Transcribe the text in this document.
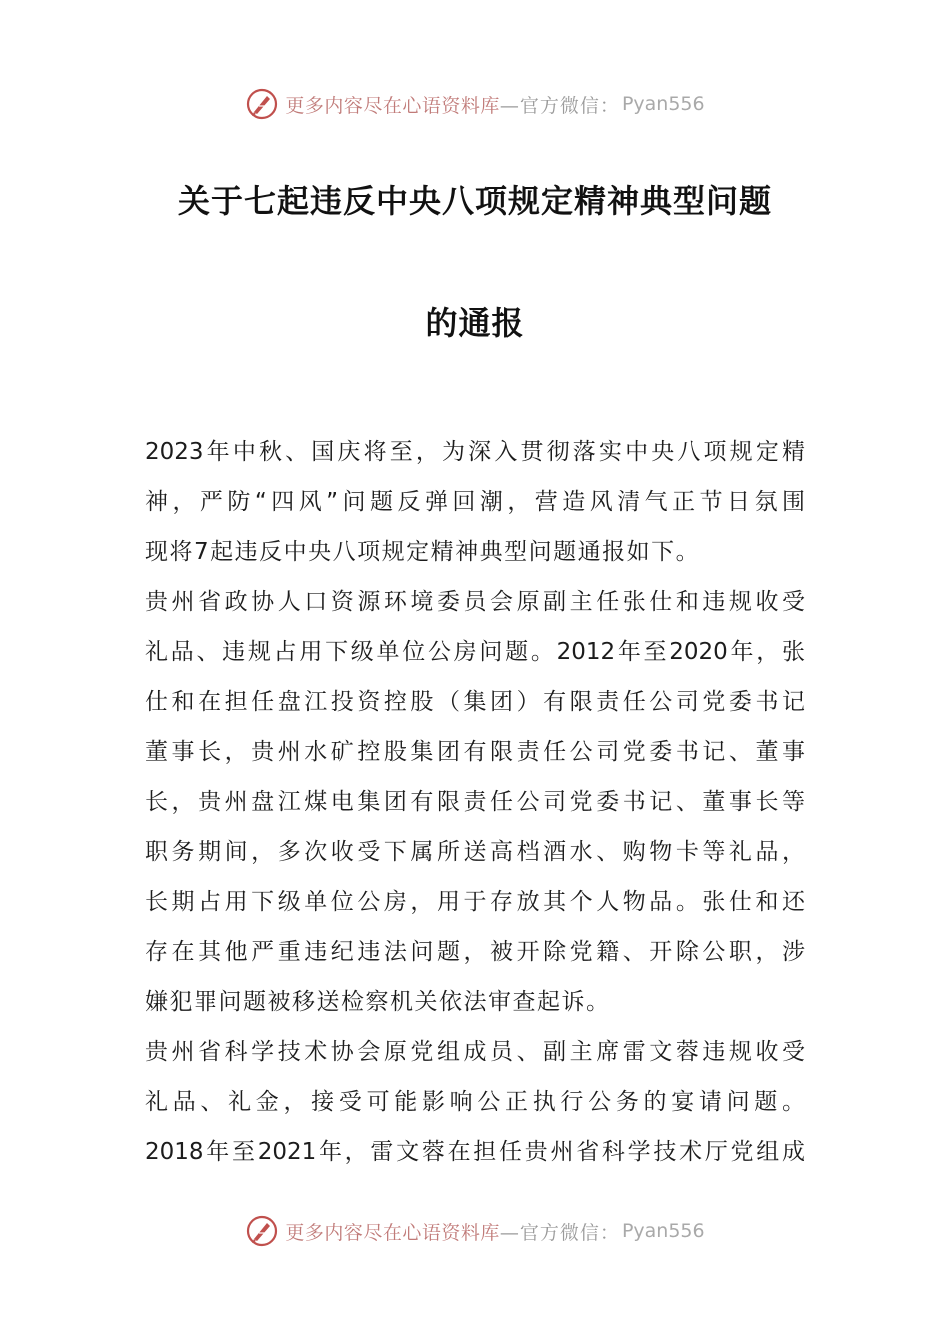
更多内容尽在心语资料库 —官方微信： Pyan556
关于七起违反中央八项规定精神典型问题
的通报
2023年中秋、国庆将至，为深入贯彻落实中央八项规定精
神，严防“四风”问题反弹回潮，营造风清气正节日氛围
现将7起违反中央八项规定精神典型问题通报如下。
贵州省政协人口资源环境委员会原副主任张仕和违规收受
礼品、违规占用下级单位公房问题。2012年至2020年，张
仕和在担任盘江投资控股（集团）有限责任公司党委书记
董事长，贵州水矿控股集团有限责任公司党委书记、董事
长，贵州盘江煤电集团有限责任公司党委书记、董事长等
职务期间，多次收受下属所送高档酒水、购物卡等礼品，
长期占用下级单位公房，用于存放其个人物品。张仕和还
存在其他严重违纪违法问题，被开除党籍、开除公职，涉
嫌犯罪问题被移送检察机关依法审查起诉。
贵州省科学技术协会原党组成员、副主席雷文蓉违规收受
礼品、礼金，接受可能影响公正执行公务的宴请问题。
2018年至2021年，雷文蓉在担任贵州省科学技术厅党组成
更多内容尽在心语资料库 —官方微信： Pyan556
